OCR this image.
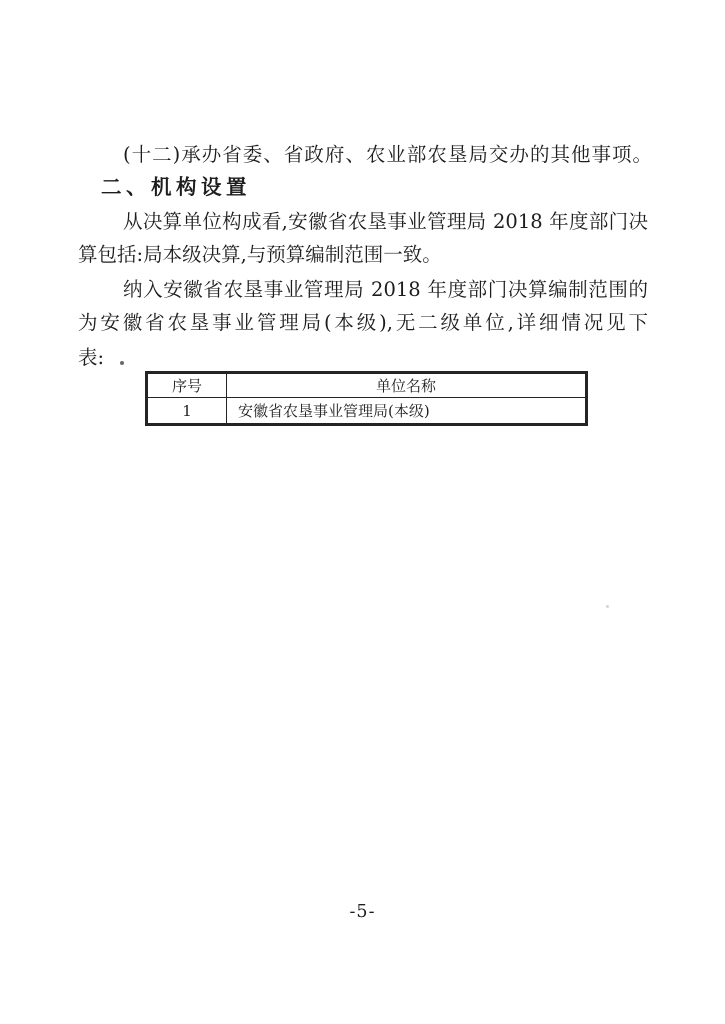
(十二)承办省委、省政府、农业部农垦局交办的其他事项。
二、机构设置
从决算单位构成看,安徽省农垦事业管理局 2018 年度部门决
算包括:局本级决算,与预算编制范围一致。
纳入安徽省农垦事业管理局 2018 年度部门决算编制范围的
为安徽省农垦事业管理局(本级),无二级单位,详细情况见下
表:
序号	单位名称
1	安徽省农垦事业管理局(本级)
-5-
